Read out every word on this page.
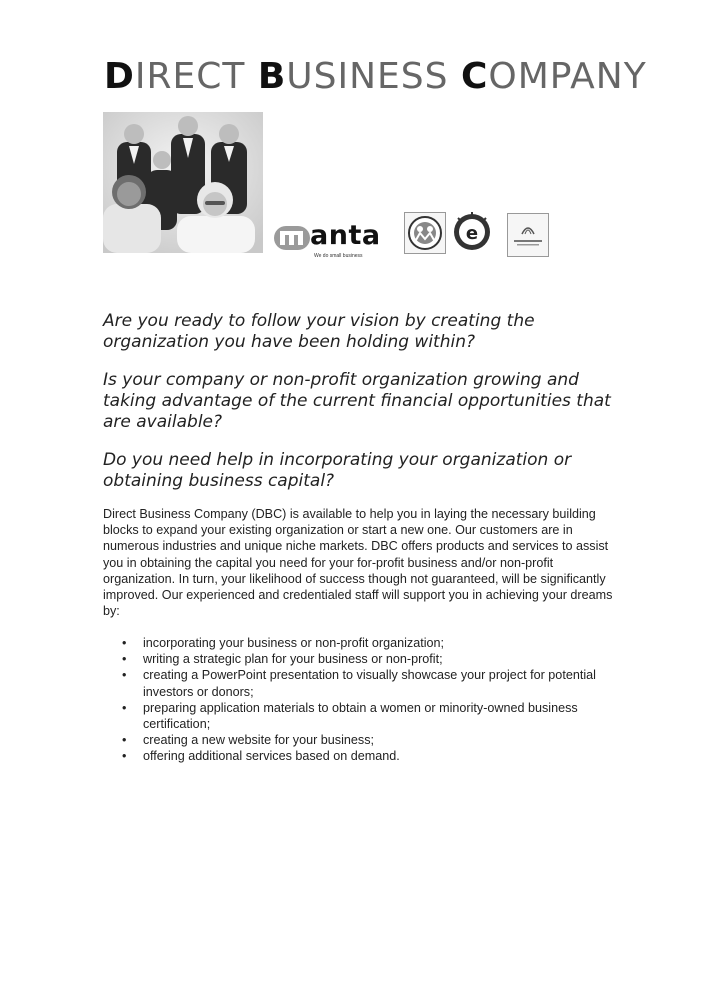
DIRECT BUSINESS COMPANY
anta
We do small business
e

Are you ready to follow your vision by creating the organization you have been holding within?

Is your company or non-profit organization growing and taking advantage of the current financial opportunities that are available?

Do you need help in incorporating your organization or obtaining business capital?

Direct Business Company (DBC) is available to help you in laying the necessary building blocks to expand your existing organization or start a new one. Our customers are in numerous industries and unique niche markets. DBC offers products and services to assist you in obtaining the capital you need for your for-profit business and/or non-profit organization. In turn, your likelihood of success though not guaranteed, will be significantly improved. Our experienced and credentialed staff will support you in achieving your dreams by:

• incorporating your business or non-profit organization;
• writing a strategic plan for your business or non-profit;
• creating a PowerPoint presentation to visually showcase your project for potential investors or donors;
• preparing application materials to obtain a women or minority-owned business certification;
• creating a new website for your business;
• offering additional services based on demand.
